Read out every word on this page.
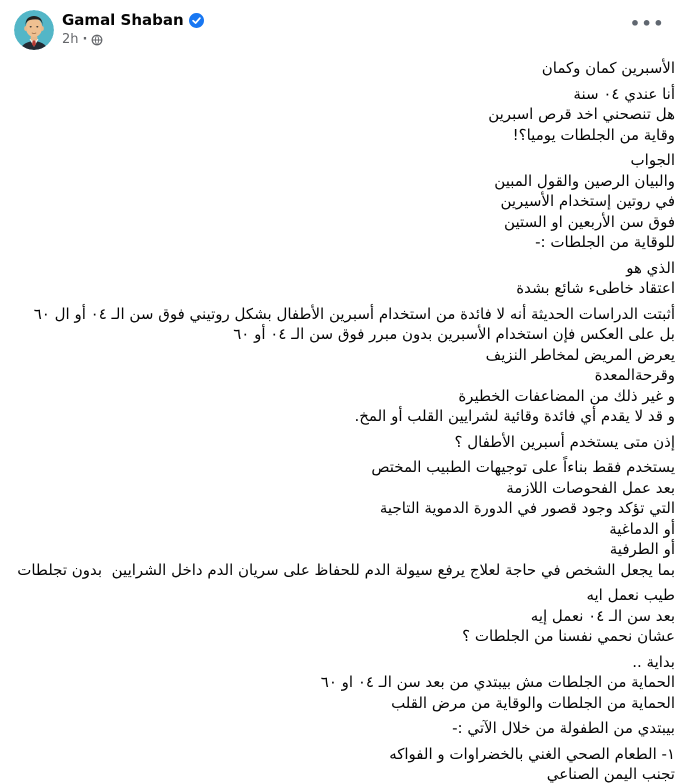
Gamal Shaban
2h ·
•••
الأسبرين كمان وكمان
أنا عندي ٠٤ سنة
هل تنصحني اخد قرص اسبرين
وقاية من الجلطات يوميا؟!
الجواب
والبيان الرصين والقول المبين
في روتين إستخدام الأسيرين
فوق سن الأربعين او الستين
للوقاية من الجلطات :-
الذي هو
اعتقاد خاطىء شائع بشدة
أثبتت الدراسات الحديثة أنه لا فائدة من استخدام أسبرين الأطفال بشكل روتيني فوق سن الـ ٠٤ أو ال ٦٠
بل على العكس فإن استخدام الأسبرين بدون مبرر فوق سن الـ ٠٤ أو ٦٠
يعرض المريض لمخاطر النزيف
وقرحةالمعدة
و غير ذلك من المضاعفات الخطيرة
و قد لا يقدم أي فائدة وقائية لشرايين القلب أو المخ.
إذن متى يستخدم أسبرين الأطفال ؟
يستخدم فقط بناءاً على توجيهات الطبيب المختص
بعد عمل الفحوصات اللازمة
التي تؤكد وجود قصور في الدورة الدموية التاجية
أو الدماغية
أو الطرفية
بما يجعل الشخص في حاجة لعلاج يرفع سيولة الدم للحفاظ على سريان الدم داخل الشرايين  بدون تجلطات
طيب نعمل ايه
بعد سن الـ ٠٤ نعمل إيه
عشان نحمي نفسنا من الجلطات ؟
بداية ..
الحماية من الجلطات مش بيبتدي من بعد سن الـ ٠٤ او ٦٠
الحماية من الجلطات والوقاية من مرض القلب
بيبتدي من الطفولة من خلال الآتي :-
١- الطعام الصحي الغني بالخضراوات و الفواكه
تجنب اليمن الصناعي
